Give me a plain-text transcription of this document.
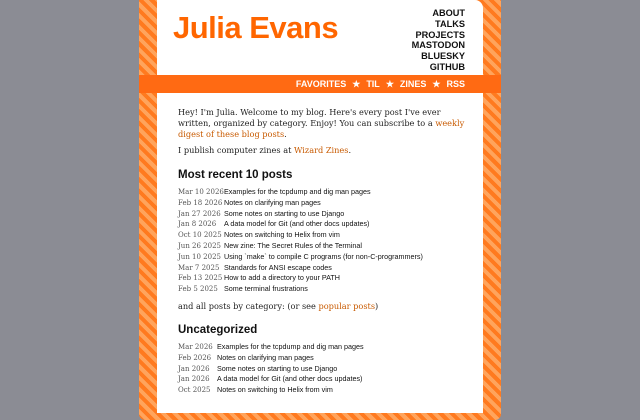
Julia Evans	ABOUT
TALKS
PROJECTS
MASTODON
BLUESKY
GITHUB
FAVORITES ★ TIL ★ ZINES ★ RSS

Hey! I'm Julia. Welcome to my blog. Here's every post I've ever written, organized by category. Enjoy! You can subscribe to a weekly digest of these blog posts.

I publish computer zines at Wizard Zines.

Most recent 10 posts
Mar 10 2026 Examples for the tcpdump and dig man pages
Feb 18 2026 Notes on clarifying man pages
Jan 27 2026 Some notes on starting to use Django
Jan 8 2026	A data model for Git (and other docs updates)
Oct 10 2025 Notes on switching to Helix from vim
Jun 26 2025 New zine: The Secret Rules of the Terminal
Jun 10 2025 Using `make` to compile C programs (for non-C-programmers)
Mar 7 2025 Standards for ANSI escape codes
Feb 13 2025 How to add a directory to your PATH
Feb 5 2025 Some terminal frustrations

and all posts by category: (or see popular posts)

Uncategorized
Mar 2026 Examples for the tcpdump and dig man pages
Feb 2026 Notes on clarifying man pages
Jan 2026	Some notes on starting to use Django
Jan 2026	A data model for Git (and other docs updates)
Oct 2025 Notes on switching to Helix from vim
